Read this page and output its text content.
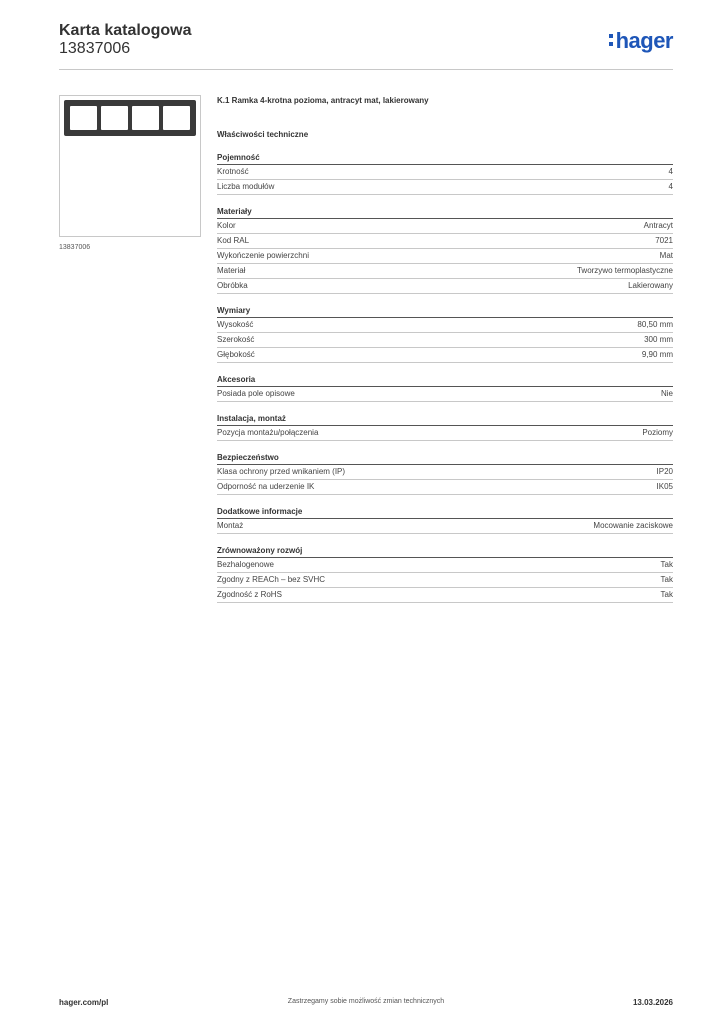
Karta katalogowa
13837006	hager
13837006
K.1 Ramka 4-krotna pozioma, antracyt mat, lakierowany
Właściwości techniczne
Pojemność
Krotność	4
Liczba modułów	4
Materiały
Kolor	Antracyt
Kod RAL	7021
Wykończenie powierzchni	Mat
Materiał	Tworzywo termoplastyczne
Obróbka	Lakierowany
Wymiary
Wysokość	80,50 mm
Szerokość	300 mm
Głębokość	9,90 mm
Akcesoria
Posiada pole opisowe	Nie
Instalacja, montaż
Pozycja montażu/połączenia	Poziomy
Bezpieczeństwo
Klasa ochrony przed wnikaniem (IP)	IP20
Odporność na uderzenie IK	IK05
Dodatkowe informacje
Montaż	Mocowanie zaciskowe
Zrównoważony rozwój
Bezhalogenowe	Tak
Zgodny z REACh – bez SVHC	Tak
Zgodność z RoHS	Tak
hager.com/pl	Zastrzegamy sobie możliwość zmian technicznych	13.03.2026
